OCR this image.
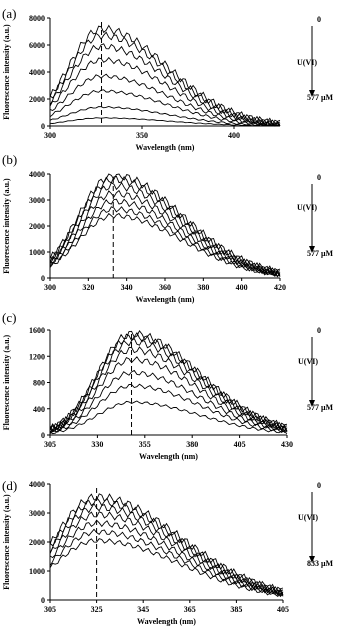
(a)
300	350	400
0
2000
4000
6000
8000
Wavelength (nm)
Fluorescence intensity (a.u.)
0
U(VI)
577 μM
(b)
300	320	340	360	380	400	420
0
1000
2000
3000
4000
Wavelength (nm)
Fluorescence intensity (a.u.)
0
U(VI)
577 μM
(c)
305	330	355	380	405	430
0
400
800
1200
1600
Wavelength (nm)
Fluorescence intensity (a.u.)
0
U(VI)
577 μM
(d)
305	325	345	365	385	405
0
1000
2000
3000
4000
Wavelength (nm)
Fluorescence intensity (a.u.)
0
U(VI)
833 μM
